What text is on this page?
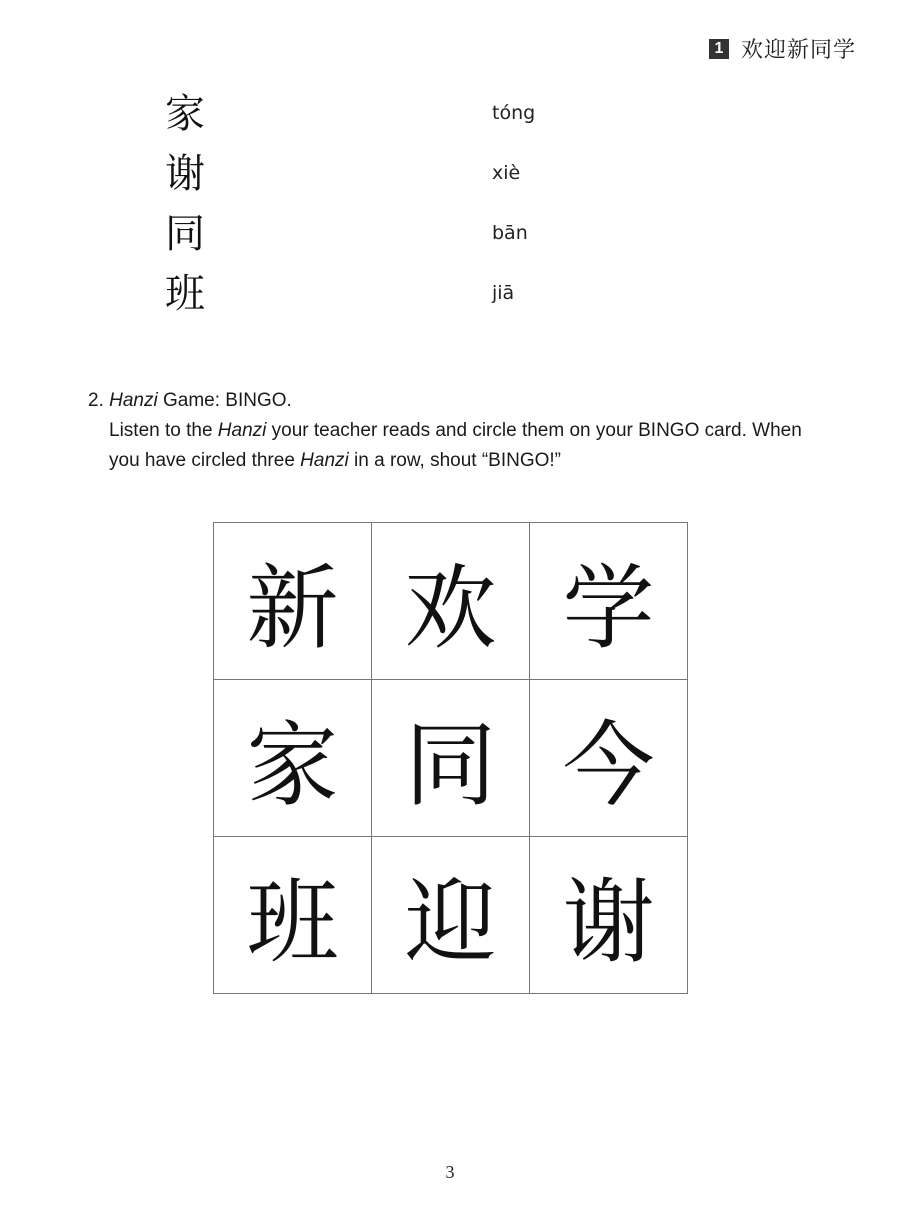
1 欢迎新同学
家	tóng
谢	xiè
同	bān
班	jiā
2. Hanzi Game: BINGO.
Listen to the Hanzi your teacher reads and circle them on your BINGO card. When
you have circled three Hanzi in a row, shout “BINGO!”
新	欢	学
家	同	今
班	迎	谢
3
